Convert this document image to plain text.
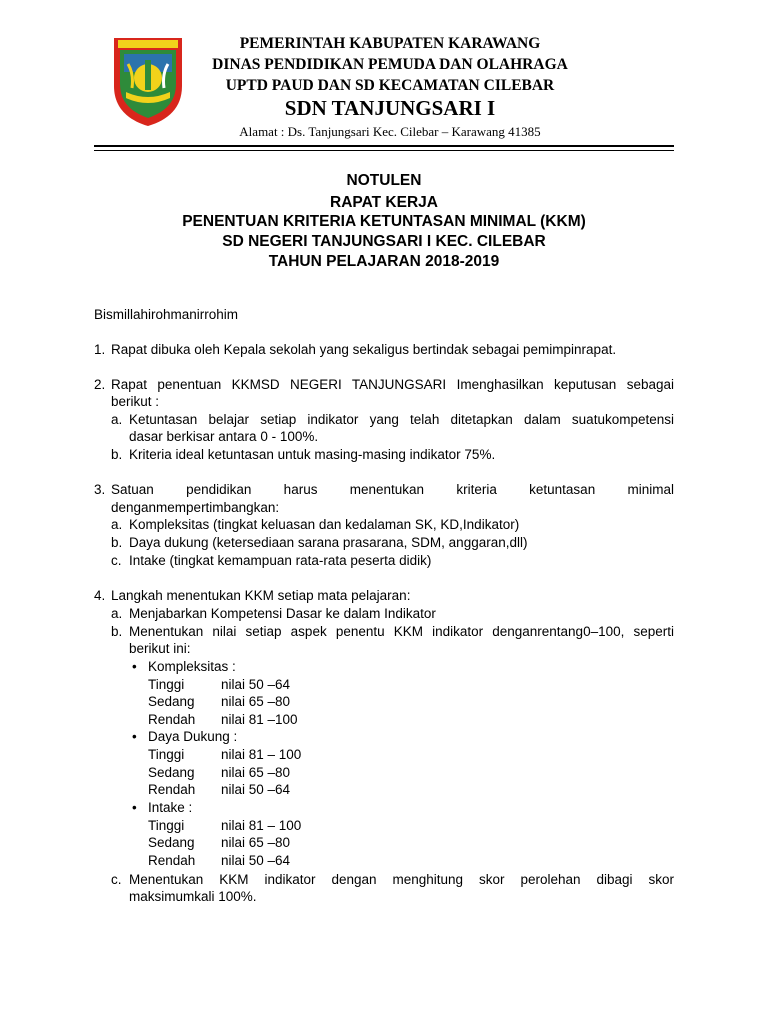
PEMERINTAH KABUPATEN KARAWANG
DINAS PENDIDIKAN PEMUDA DAN OLAHRAGA
UPTD PAUD DAN SD KECAMATAN CILEBAR
SDN TANJUNGSARI I
Alamat : Ds. Tanjungsari Kec. Cilebar – Karawang 41385
NOTULEN
RAPAT KERJA
PENENTUAN KRITERIA KETUNTASAN MINIMAL (KKM)
SD NEGERI TANJUNGSARI I KEC. CILEBAR
TAHUN PELAJARAN 2018-2019
Bismillahirohmanirrohim
1. Rapat dibuka oleh Kepala sekolah yang sekaligus bertindak sebagai pemimpinrapat.
2. Rapat penentuan KKMSD NEGERI TANJUNGSARI Imenghasilkan keputusan sebagai
berikut :
a. Ketuntasan belajar setiap indikator yang telah ditetapkan dalam suatukompetensi
dasar berkisar antara 0 - 100%.
b. Kriteria ideal ketuntasan untuk masing-masing indikator 75%.
3. Satuan pendidikan harus menentukan kriteria ketuntasan minimal
denganmempertimbangkan:
a. Kompleksitas (tingkat keluasan dan kedalaman SK, KD,Indikator)
b. Daya dukung (ketersediaan sarana prasarana, SDM, anggaran,dll)
c. Intake (tingkat kemampuan rata-rata peserta didik)
4. Langkah menentukan KKM setiap mata pelajaran:
a. Menjabarkan Kompetensi Dasar ke dalam Indikator
b. Menentukan nilai setiap aspek penentu KKM indikator denganrentang0–100, seperti
berikut ini:
• Kompleksitas :
Tinggi	nilai 50 –64
Sedang nilai 65 –80
Rendah nilai 81 –100
• Daya Dukung :
Tinggi	nilai 81 – 100
Sedang nilai 65 –80
Rendah nilai 50 –64
• Intake :
Tinggi	nilai 81 – 100
Sedang nilai 65 –80
Rendah nilai 50 –64
c. Menentukan KKM indikator dengan menghitung skor perolehan dibagi skor
maksimumkali 100%.
